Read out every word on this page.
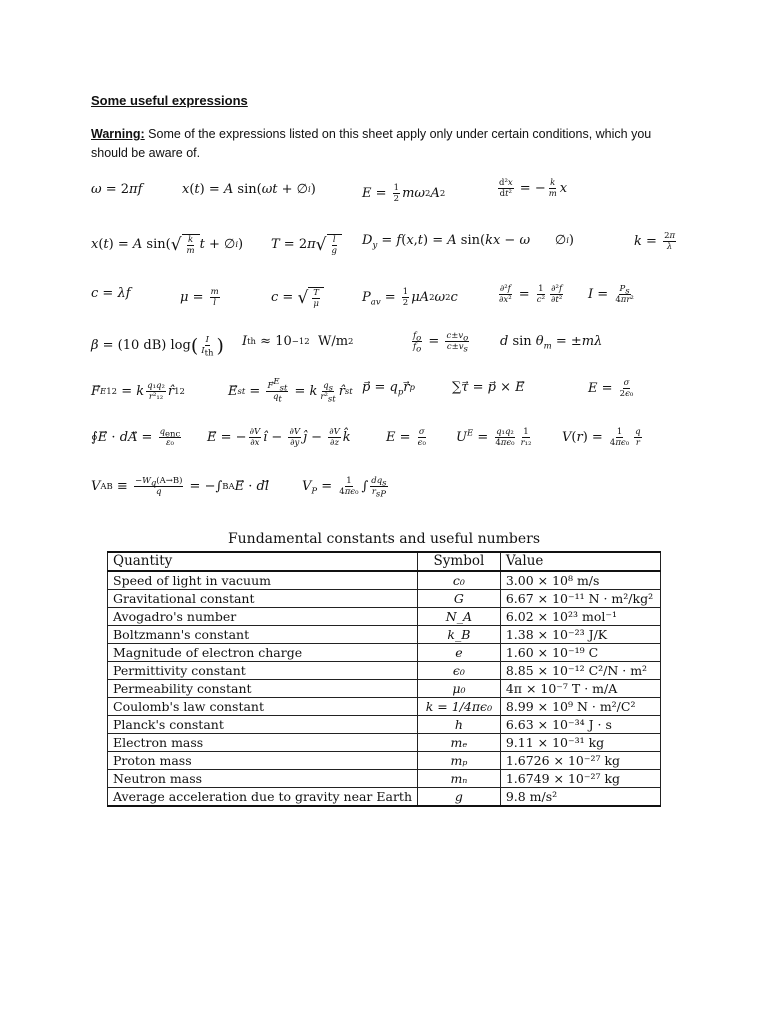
Some useful expressions
Warning: Some of the expressions listed on this sheet apply only under certain conditions, which you should be aware of.
ω = 2 πf	x ( t ) = A sin( ωt + ∅ i )	$E = \frac{1}{2}$ mω 2 A 2	$\frac{\text{d²x}}{\text{dt²}}$ = − $\frac{k}{m}$ x
x ( t ) = A sin( √ $\frac{k}{m}$ t + ∅ i ) T = 2 π √ $\frac{l}{g} D_y = f$ ( x , t ) = A sin( kx − ω ∅ i )	$k = \frac{2\pi}{\lambda}$
c = λf	$\mu = \frac{m}{l}$	c = √ $\frac{T}{\mu}$	$P_{av} = \frac{1}{2}$ μA 2 ω 2 c	$\frac{\text{∂²f}}{\text{∂x²}} = \frac{1}{\text{c²}} \frac{\text{∂²f}}{\text{∂t²}}$ $I = \frac{P_s}{\text{4πr²}}$
β = (10 dB) log ( $\frac{I}{I_{th}}$ ) I th ≈ 10 −12 W/m 2	$\frac{f_o}{f_o} = \frac{c\pm v_o}{c\pm v_s}$ d $\sin \theta_m$ = ± mλ
F E 12 = k $\frac{\text{q₁q₂}}{\text{r²₁₂}}$ r̂ 12	E st = $\frac{F^E_{st}}{q_t} = k \frac{q_s}{r^2_{st}}$ r̂ st p ⃗ = $q_pr$ p	∑ τ ⃗ = p ⃗ × E	$E = \frac{\sigma}{\text{2ϵ₀}}$
∮ E ⃗ · dA ⃗ = $\frac{q_{enc}}{\text{ε₀}}$ E ⃗ = − $\frac{\partial V}{\partial x}$ î − $\frac{\partial V}{\partial y}$ ĵ − $\frac{\partial V}{\partial z}$ k̂	$E = \frac{\sigma}{\text{ϵ₀}} U^E = \frac{\text{q₁q₂}}{\text{4πϵ₀}} \frac{1}{\text{r₁₂}}$ V ( r ) = $\frac{1}{\text{4πϵ₀}} \frac{q}{r}$
V AB ≡ $\frac{-W_q(A\to B)}{q}$ = −∫ B A E ⃗ · dl	$V_P = \frac{1}{\text{4πϵ₀}}$ ∫ $\frac{dq_s}{r_{sP}}$
Fundamental constants and useful numbers
Quantity	Symbol	Value
Speed of light in vacuum	c₀	3.00 × 10⁸ m/s
Gravitational constant	G	6.67 × 10⁻¹¹ N · m²/kg²
Avogadro's number	N_A	6.02 × 10²³ mol⁻¹
Boltzmann's constant	k_B	1.38 × 10⁻²³ J/K
Magnitude of electron charge	e	1.60 × 10⁻¹⁹ C
Permittivity constant	ϵ₀	8.85 × 10⁻¹² C²/N · m²
Permeability constant	μ₀	4π × 10⁻⁷ T · m/A
Coulomb's law constant	k = 1/4πϵ₀	8.99 × 10⁹ N · m²/C²
Planck's constant	h	6.63 × 10⁻³⁴ J · s
Electron mass	mₑ	9.11 × 10⁻³¹ kg
Proton mass	mₚ	1.6726 × 10⁻²⁷ kg
Neutron mass	mₙ	1.6749 × 10⁻²⁷ kg
Average acceleration due to gravity near Earth	g	9.8 m/s²
